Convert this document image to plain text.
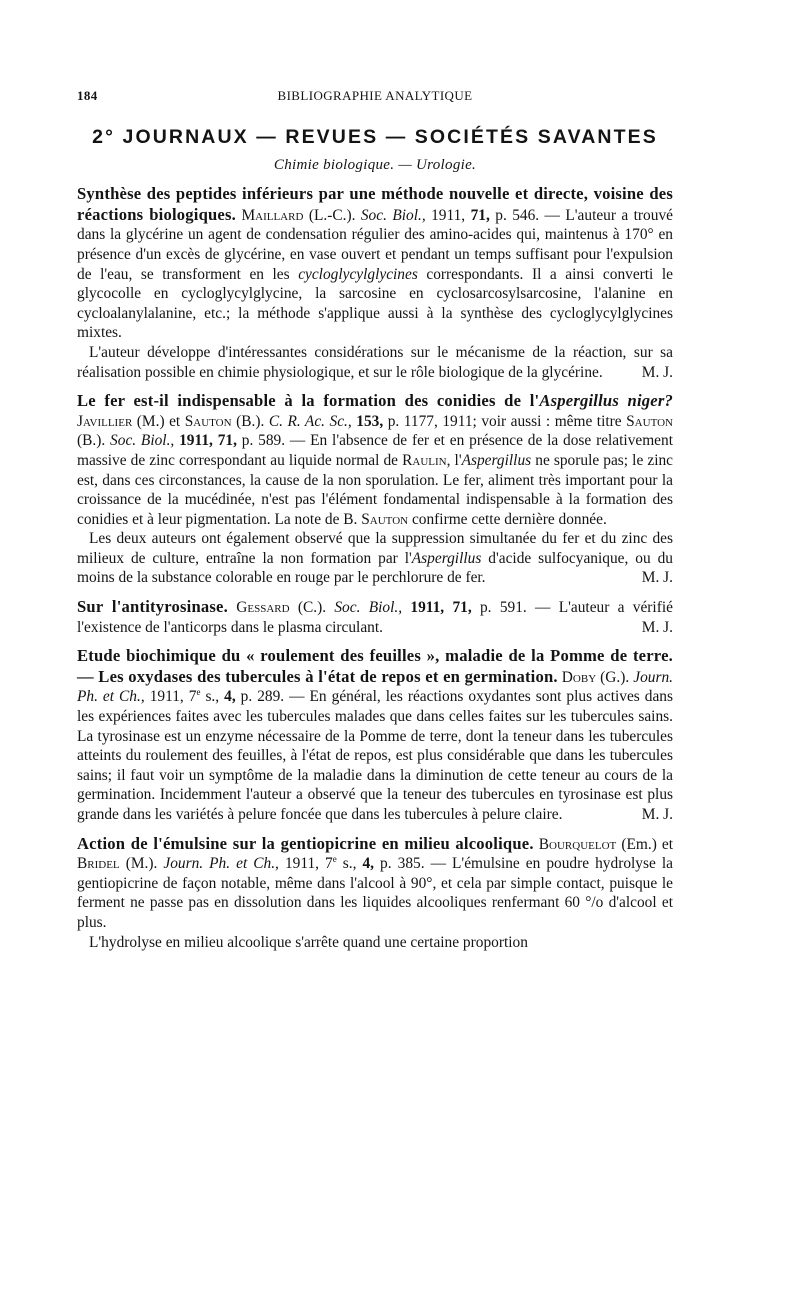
184	BIBLIOGRAPHIE ANALYTIQUE
2° JOURNAUX — REVUES — SOCIÉTÉS SAVANTES
Chimie biologique. — Urologie.

Synthèse des peptides inférieurs par une méthode nouvelle et directe, voisine des réactions biologiques. Maillard (L.-C.). Soc. Biol., 1911, 71, p. 546. — L'auteur a trouvé dans la glycérine un agent de condensation régulier des amino-acides qui, maintenus à 170° en présence d'un excès de glycérine, en vase ouvert et pendant un temps suffisant pour l'expulsion de l'eau, se transforment en les cycloglycylglycines correspondants. Il a ainsi converti le glycocolle en cycloglycylglycine, la sarcosine en cyclosarcosylsarcosine, l'alanine en cycloalanylalanine, etc.; la méthode s'applique aussi à la synthèse des cycloglycylglycines mixtes.

L'auteur développe d'intéressantes considérations sur le mécanisme de la réaction, sur sa réalisation possible en chimie physiologique, et sur le rôle biologique de la glycérine.	M. J.

Le fer est-il indispensable à la formation des conidies de l'Aspergillus niger? Javillier (M.) et Sauton (B.). C. R. Ac. Sc., 153, p. 1177, 1911; voir aussi : même titre Sauton (B.). Soc. Biol., 1911, 71, p. 589. — En l'absence de fer et en présence de la dose relativement massive de zinc correspondant au liquide normal de Raulin, l'Aspergillus ne sporule pas; le zinc est, dans ces circonstances, la cause de la non sporulation. Le fer, aliment très important pour la croissance de la mucédinée, n'est pas l'élément fondamental indispensable à la formation des conidies et à leur pigmentation. La note de B. Sauton confirme cette dernière donnée.

Les deux auteurs ont également observé que la suppression simultanée du fer et du zinc des milieux de culture, entraîne la non formation par l'Aspergillus d'acide sulfocyanique, ou du moins de la substance colorable en rouge par le perchlorure de fer.	M. J.

Sur l'antityrosinase. Gessard (C.). Soc. Biol., 1911, 71, p. 591. — L'auteur a vérifié l'existence de l'anticorps dans le plasma circulant.	M. J.

Etude biochimique du « roulement des feuilles », maladie de la Pomme de terre. — Les oxydases des tubercules à l'état de repos et en germination. Doby (G.). Journ. Ph. et Ch., 1911, 7e s., 4, p. 289. — En général, les réactions oxydantes sont plus actives dans les expériences faites avec les tubercules malades que dans celles faites sur les tubercules sains. La tyrosinase est un enzyme nécessaire de la Pomme de terre, dont la teneur dans les tubercules atteints du roulement des feuilles, à l'état de repos, est plus considérable que dans les tubercules sains; il faut voir un symptôme de la maladie dans la diminution de cette teneur au cours de la germination. Incidemment l'auteur a observé que la teneur des tubercules en tyrosinase est plus grande dans les variétés à pelure foncée que dans les tubercules à pelure claire.	M. J.

Action de l'émulsine sur la gentiopicrine en milieu alcoolique. Bourquelot (Em.) et Bridel (M.). Journ. Ph. et Ch., 1911, 7e s., 4, p. 385. — L'émulsine en poudre hydrolyse la gentiopicrine de façon notable, même dans l'alcool à 90°, et cela par simple contact, puisque le ferment ne passe pas en dissolution dans les liquides alcooliques renfermant 60 °/o d'alcool et plus.

L'hydrolyse en milieu alcoolique s'arrête quand une certaine proportion
